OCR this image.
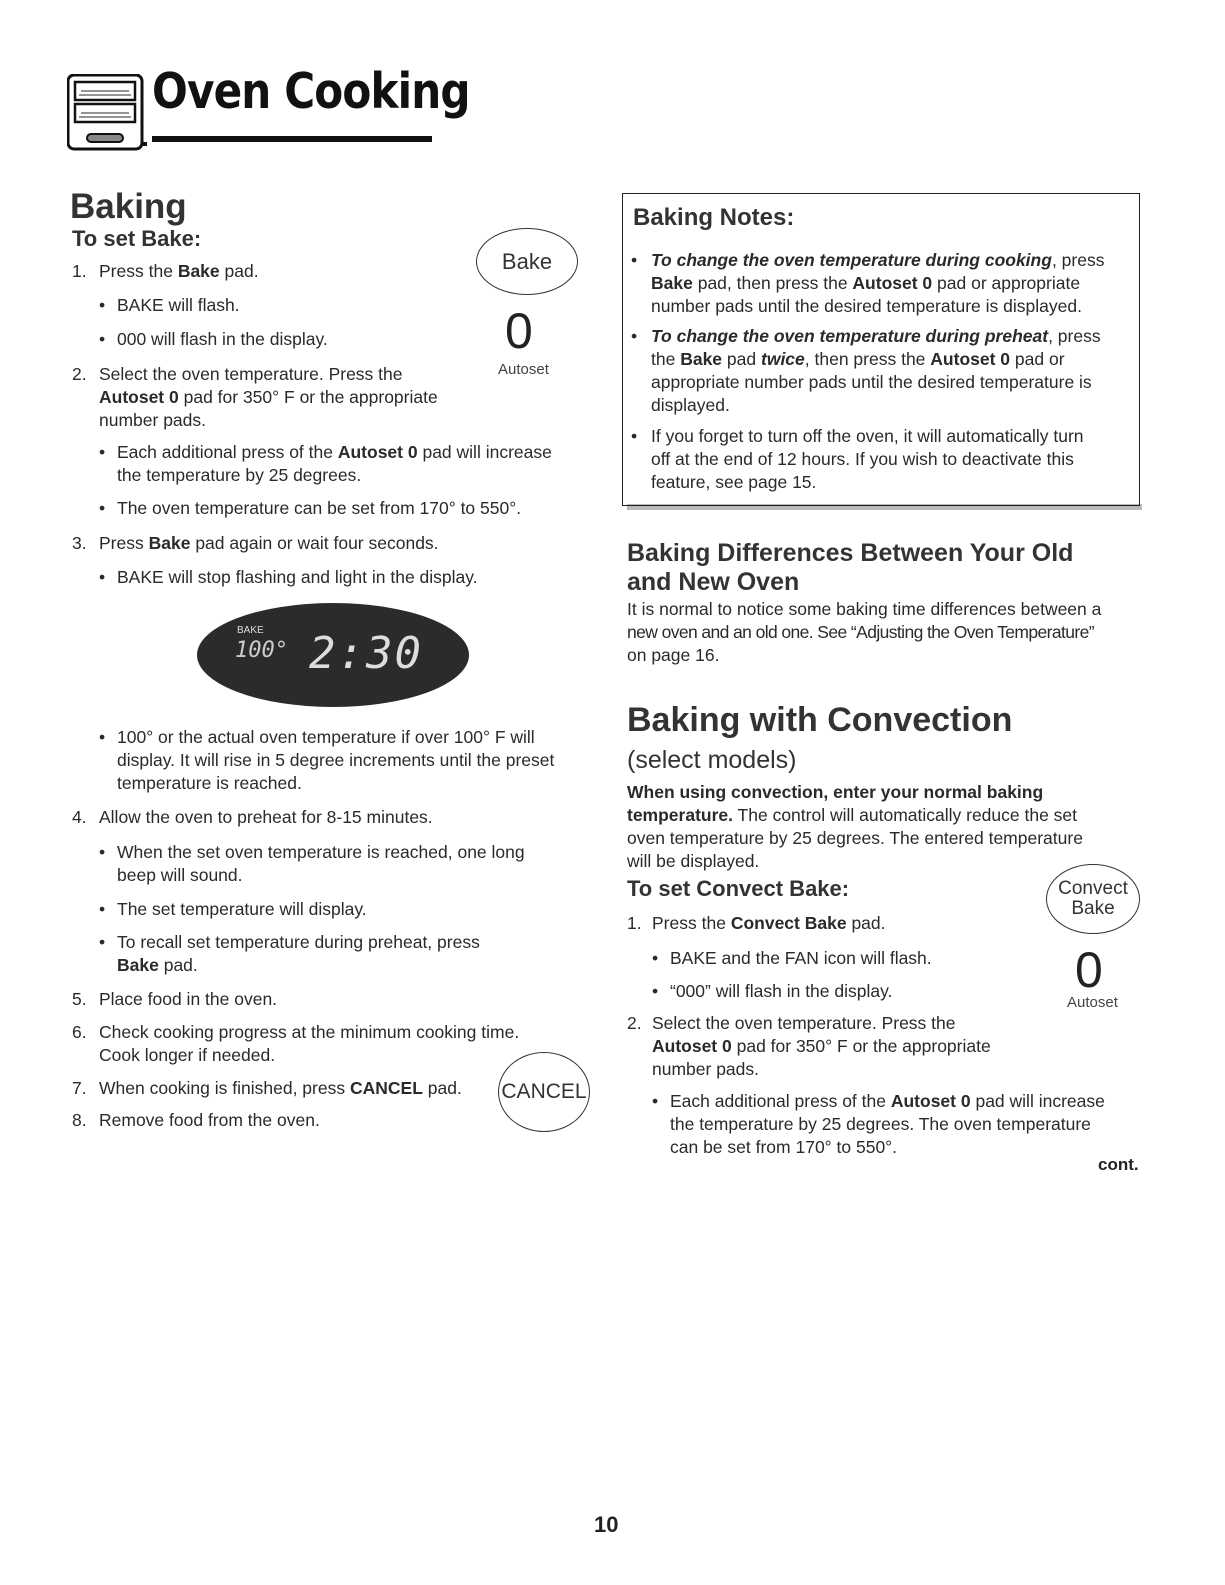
Oven Cooking
Baking
To set Bake:
Bake
0
Autoset
1. Press the Bake pad.
• BAKE will flash.
• 000 will flash in the display.
2. Select the oven temperature. Press the
Autoset 0 pad for 350° F or the appropriate
number pads.
• Each additional press of the Autoset 0 pad will increase
the temperature by 25 degrees.
• The oven temperature can be set from 170° to 550°.
3. Press Bake pad again or wait four seconds.
• BAKE will stop flashing and light in the display.
BAKE
100° 2:30
• 100° or the actual oven temperature if over 100° F will
display. It will rise in 5 degree increments until the preset
temperature is reached.
4. Allow the oven to preheat for 8-15 minutes.
• When the set oven temperature is reached, one long
beep will sound.
• The set temperature will display.
• To recall set temperature during preheat, press
Bake pad.
5. Place food in the oven.
6. Check cooking progress at the minimum cooking time.
Cook longer if needed.
7. When cooking is finished, press CANCEL pad. CANCEL
8. Remove food from the oven.
Baking Notes:
• To change the oven temperature during cooking, press
Bake pad, then press the Autoset 0 pad or appropriate
number pads until the desired temperature is displayed.
• To change the oven temperature during preheat, press
the Bake pad twice, then press the Autoset 0 pad or
appropriate number pads until the desired temperature is
displayed.
• If you forget to turn off the oven, it will automatically turn
off at the end of 12 hours. If you wish to deactivate this
feature, see page 15.
Baking Differences Between Your Old
and New Oven
It is normal to notice some baking time differences between a
new oven and an old one. See “Adjusting the Oven Temperature”
on page 16.
Baking with Convection
(select models)
When using convection, enter your normal baking
temperature. The control will automatically reduce the set
oven temperature by 25 degrees. The entered temperature
will be displayed.
To set Convect Bake:	Convect
Bake
0
Autoset
1. Press the Convect Bake pad.
• BAKE and the FAN icon will flash.
• “000” will flash in the display.
2. Select the oven temperature. Press the
Autoset 0 pad for 350° F or the appropriate
number pads.
• Each additional press of the Autoset 0 pad will increase
the temperature by 25 degrees. The oven temperature
can be set from 170° to 550°.
cont.
10
